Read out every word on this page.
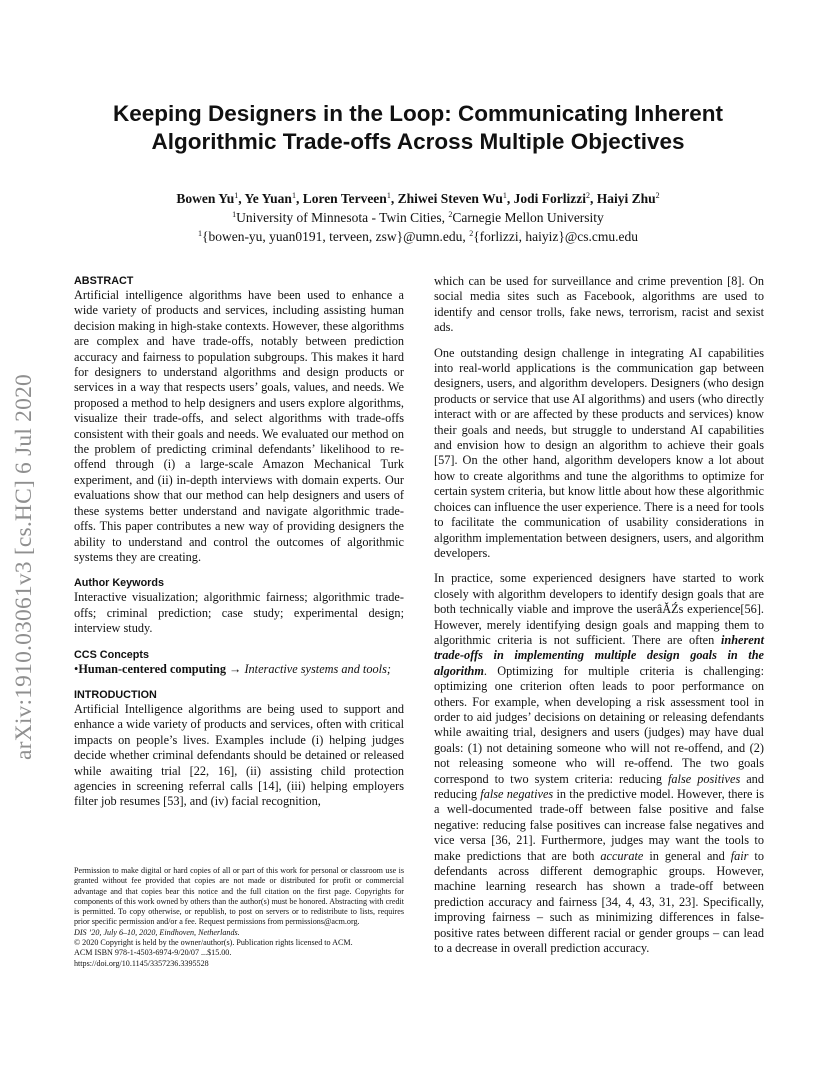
arXiv:1910.03061v3 [cs.HC] 6 Jul 2020
Keeping Designers in the Loop: Communicating Inherent
Algorithmic Trade-offs Across Multiple Objectives
Bowen Yu$^1$, Ye Yuan$^1$, Loren Terveen$^1$, Zhiwei Steven Wu$^1$, Jodi Forlizzi$^2$, Haiyi Zhu$^2$
$^1$University of Minnesota - Twin Cities, $^2$Carnegie Mellon University
$^1${bowen-yu, yuan0191, terveen, zsw}@umn.edu, $^2${forlizzi, haiyiz}@cs.cmu.edu
ABSTRACT

Artificial intelligence algorithms have been used to enhance a wide variety of products and services, including assisting human decision making in high-stake contexts. However, these algorithms are complex and have trade-offs, notably between prediction accuracy and fairness to population subgroups. This makes it hard for designers to understand algorithms and design products or services in a way that respects users’ goals, values, and needs. We proposed a method to help designers and users explore algorithms, visualize their trade-offs, and select algorithms with trade-offs consistent with their goals and needs. We evaluated our method on the problem of predicting criminal defendants’ likelihood to re-offend through (i) a large-scale Amazon Mechanical Turk experiment, and (ii) in-depth interviews with domain experts. Our evaluations show that our method can help designers and users of these systems better understand and navigate algorithmic trade-offs. This paper contributes a new way of providing designers the ability to understand and control the outcomes of algorithmic systems they are creating.

Author Keywords

Interactive visualization; algorithmic fairness; algorithmic trade-offs; criminal prediction; case study; experimental design; interview study.

CCS Concepts

•Human-centered computing → Interactive systems and tools;

INTRODUCTION

Artificial Intelligence algorithms are being used to support and enhance a wide variety of products and services, often with critical impacts on people’s lives. Examples include (i) helping judges decide whether criminal defendants should be detained or released while awaiting trial [22, 16], (ii) assisting child protection agencies in screening referral calls [14], (iii) helping employers filter job resumes [53], and (iv) facial recognition,

Permission to make digital or hard copies of all or part of this work for personal or classroom use is granted without fee provided that copies are not made or distributed for profit or commercial advantage and that copies bear this notice and the full citation on the first page. Copyrights for components of this work owned by others than the author(s) must be honored. Abstracting with credit is permitted. To copy otherwise, or republish, to post on servers or to redistribute to lists, requires prior specific permission and/or a fee. Request permissions from permissions@acm.org.

DIS ’20, July 6–10, 2020, Eindhoven, Netherlands.

© 2020 Copyright is held by the owner/author(s). Publication rights licensed to ACM.

ACM ISBN 978-1-4503-6974-9/20/07 ...$15.00.

https://doi.org/10.1145/3357236.3395528

which can be used for surveillance and crime prevention [8]. On social media sites such as Facebook, algorithms are used to identify and censor trolls, fake news, terrorism, racist and sexist ads.

One outstanding design challenge in integrating AI capabilities into real-world applications is the communication gap between designers, users, and algorithm developers. Designers (who design products or service that use AI algorithms) and users (who directly interact with or are affected by these products and services) know their goals and needs, but struggle to understand AI capabilities and envision how to design an algorithm to achieve their goals [57]. On the other hand, algorithm developers know a lot about how to create algorithms and tune the algorithms to optimize for certain system criteria, but know little about how these algorithmic choices can influence the user experience. There is a need for tools to facilitate the communication of usability considerations in algorithm implementation between designers, users, and algorithm developers.

In practice, some experienced designers have started to work closely with algorithm developers to identify design goals that are both technically viable and improve the userâĂŹs experience[56]. However, merely identifying design goals and mapping them to algorithmic criteria is not sufficient. There are often inherent trade-offs in implementing multiple design goals in the algorithm. Optimizing for multiple criteria is challenging: optimizing one criterion often leads to poor performance on others. For example, when developing a risk assessment tool in order to aid judges’ decisions on detaining or releasing defendants while awaiting trial, designers and users (judges) may have dual goals: (1) not detaining someone who will not re-offend, and (2) not releasing someone who will re-offend. The two goals correspond to two system criteria: reducing false positives and reducing false negatives in the predictive model. However, there is a well-documented trade-off between false positive and false negative: reducing false positives can increase false negatives and vice versa [36, 21]. Furthermore, judges may want the tools to make predictions that are both accurate in general and fair to defendants across different demographic groups. However, machine learning research has shown a trade-off between prediction accuracy and fairness [34, 4, 43, 31, 23]. Specifically, improving fairness – such as minimizing differences in false-positive rates between different racial or gender groups – can lead to a decrease in overall prediction accuracy.
